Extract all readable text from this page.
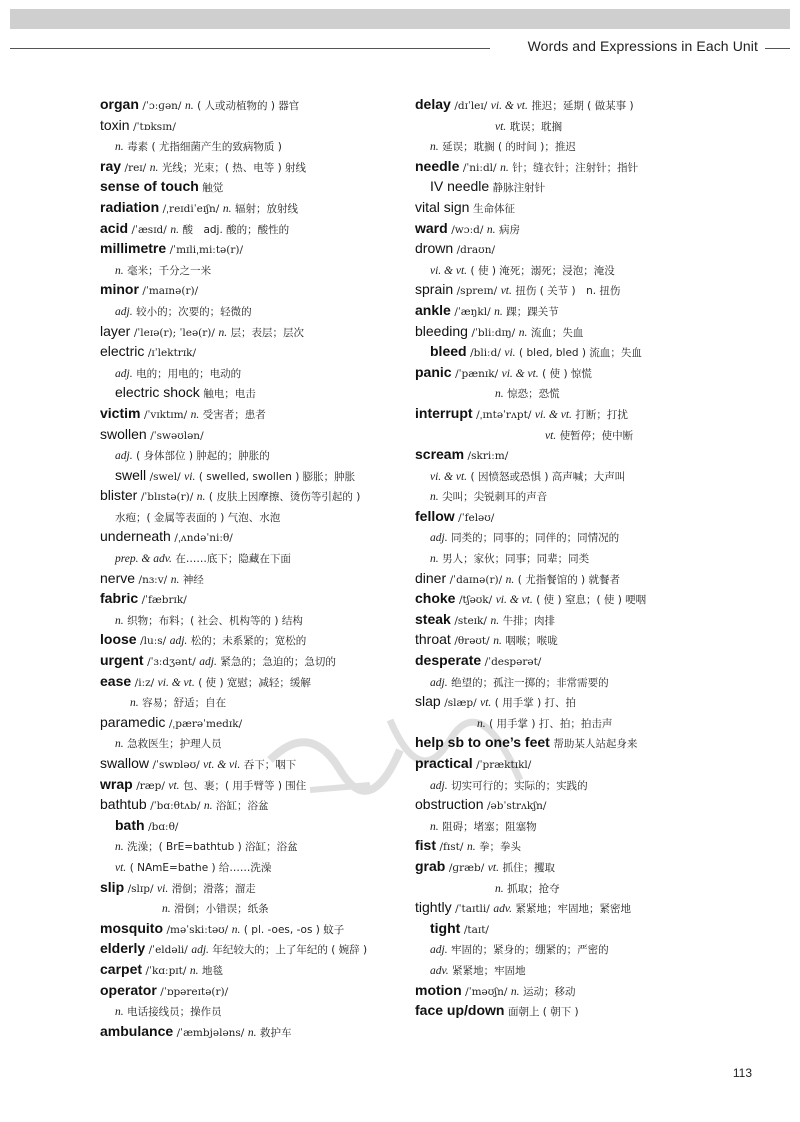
Words and Expressions in Each Unit
organ /ˈɔːɡən/ n. ( 人或动植物的 ) 器官
toxin /ˈtɒksɪn/
n. 毒素 ( 尤指细菌产生的致病物质 )
ray /reɪ/ n. 光线；光束；( 热、电等 ) 射线
sense of touch 触觉
radiation /ˌreɪdiˈeɪʃn/ n. 辐射；放射线
acid /ˈæsɪd/ n. 酸　adj. 酸的；酸性的
millimetre /ˈmɪliˌmiːtə(r)/
n. 毫米；千分之一米
minor /ˈmaɪnə(r)/
adj. 较小的；次要的；轻微的
layer /ˈleɪə(r); ˈleə(r)/ n. 层；表层；层次
electric /ɪˈlektrɪk/
adj. 电的；用电的；电动的
electric shock 触电；电击
victim /ˈvɪktɪm/ n. 受害者；患者
swollen /ˈswəʊlən/
adj. ( 身体部位 ) 肿起的；肿胀的
swell /swel/ vi. ( swelled, swollen ) 膨胀；肿胀
blister /ˈblɪstə(r)/ n. ( 皮肤上因摩擦、烫伤等引起的 )
水疱；( 金属等表面的 ) 气泡、水泡
underneath /ˌʌndəˈniːθ/
prep. & adv. 在……底下；隐藏在下面
nerve /nɜːv/ n. 神经
fabric /ˈfæbrɪk/
n. 织物；布料；( 社会、机构等的 ) 结构
loose /luːs/ adj. 松的；未系紧的；宽松的
urgent /ˈɜːdʒənt/ adj. 紧急的；急迫的；急切的
ease /iːz/ vi. & vt. ( 使 ) 宽慰；减轻；缓解
n. 容易；舒适；自在
paramedic /ˌpærəˈmedɪk/
n. 急救医生；护理人员
swallow /ˈswɒləʊ/ vt. & vi. 吞下；咽下
wrap /ræp/ vt. 包、裹；( 用手臂等 ) 围住
bathtub /ˈbɑːθtʌb/ n. 浴缸；浴盆
bath /bɑːθ/
n. 洗澡；( BrE=bathtub ) 浴缸；浴盆
vt. ( NAmE=bathe ) 给……洗澡
slip /slɪp/ vi. 滑倒；滑落；溜走
n. 滑倒；小错误；纸条
mosquito /məˈskiːtəʊ/ n. ( pl. -oes, -os ) 蚊子
elderly /ˈeldəli/ adj. 年纪较大的；上了年纪的 ( 婉辞 )
carpet /ˈkɑːpɪt/ n. 地毯
operator /ˈɒpəreɪtə(r)/
n. 电话接线员；操作员
ambulance /ˈæmbjələns/ n. 救护车
delay /dɪˈleɪ/ vi. & vt. 推迟；延期 ( 做某事 )
vt. 耽误；耽搁
n. 延误；耽搁 ( 的时间 )；推迟
needle /ˈniːdl/ n. 针；缝衣针；注射针；指针
IV needle 静脉注射针
vital sign 生命体征
ward /wɔːd/ n. 病房
drown /draʊn/
vi. & vt. ( 使 ) 淹死；溺死；浸泡；淹没
sprain /spreɪn/ vt. 扭伤 ( 关节 )　n. 扭伤
ankle /ˈæŋkl/ n. 踝；踝关节
bleeding /ˈbliːdɪŋ/ n. 流血；失血
bleed /bliːd/ vi. ( bled, bled ) 流血；失血
panic /ˈpænɪk/ vi. & vt. ( 使 ) 惊慌
n. 惊恐；恐慌
interrupt /ˌɪntəˈrʌpt/ vi. & vt. 打断；打扰
vt. 使暂停；使中断
scream /skriːm/
vi. & vt. ( 因愤怒或恐惧 ) 高声喊；大声叫
n. 尖叫；尖锐刺耳的声音
fellow /ˈfeləʊ/
adj. 同类的；同事的；同伴的；同情况的
n. 男人；家伙；同事；同辈；同类
diner /ˈdaɪnə(r)/ n. ( 尤指餐馆的 ) 就餐者
choke /tʃəʊk/ vi. & vt. ( 使 ) 窒息；( 使 ) 哽咽
steak /steɪk/ n. 牛排；肉排
throat /θrəʊt/ n. 咽喉；喉咙
desperate /ˈdespərət/
adj. 绝望的；孤注一掷的；非常需要的
slap /slæp/ vt. ( 用手掌 ) 打、拍
n. ( 用手掌 ) 打、拍；拍击声
help sb to one’s feet 帮助某人站起身来
practical /ˈpræktɪkl/
adj. 切实可行的；实际的；实践的
obstruction /əbˈstrʌkʃn/
n. 阻碍；堵塞；阻塞物
fist /fɪst/ n. 拳；拳头
grab /ɡræb/ vt. 抓住；攫取
n. 抓取；抢夺
tightly /ˈtaɪtli/ adv. 紧紧地；牢固地；紧密地
tight /taɪt/
adj. 牢固的；紧身的；绷紧的；严密的
adv. 紧紧地；牢固地
motion /ˈməʊʃn/ n. 运动；移动
face up/down 面朝上 ( 朝下 )
113
